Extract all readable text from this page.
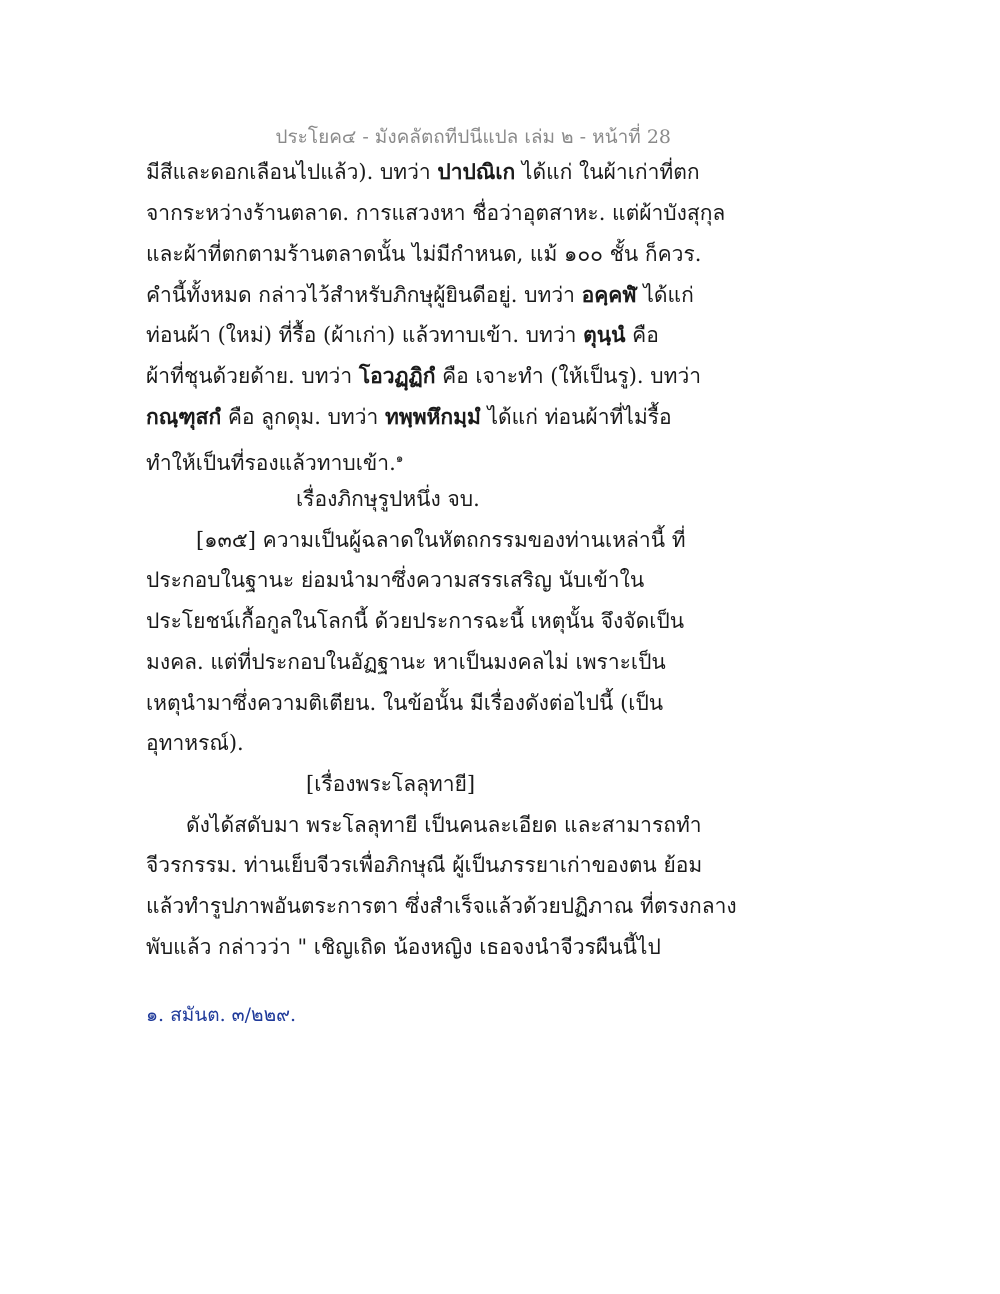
ประโยค๔ - มังคลัตถทีปนีแปล เล่ม ๒ - หน้าที่ 28
มีสีและดอกเลือนไปแล้ว). บทว่า ปาปณิเก ได้แก่ ในผ้าเก่าที่ตก
จากระหว่างร้านตลาด. การแสวงหา ชื่อว่าอุตสาหะ. แต่ผ้าบังสุกุล
และผ้าที่ตกตามร้านตลาดนั้น ไม่มีกำหนด, แม้ ๑๐๐ ชั้น ก็ควร.
คำนี้ทั้งหมด กล่าวไว้สำหรับภิกษุผู้ยินดีอยู่. บทว่า อคฺคฬํ ได้แก่
ท่อนผ้า (ใหม่) ที่รื้อ (ผ้าเก่า) แล้วทาบเข้า. บทว่า ตุนฺนํ คือ
ผ้าที่ชุนด้วยด้าย. บทว่า โอวฏฺฏิกํ คือ เจาะทำ (ให้เป็นรู). บทว่า
กณฺฑุสกํ คือ ลูกดุม. บทว่า ทพฺพหึกมฺมํ ได้แก่ ท่อนผ้าที่ไม่รื้อ
ทำให้เป็นที่รองแล้วทาบเข้า.$^๑$
เรื่องภิกษุรูปหนึ่ง จบ.
[๑๓๕] ความเป็นผู้ฉลาดในหัตถกรรมของท่านเหล่านี้ ที่
ประกอบในฐานะ ย่อมนำมาซึ่งความสรรเสริญ นับเข้าใน
ประโยชน์เกื้อกูลในโลกนี้ ด้วยประการฉะนี้ เหตุนั้น จึงจัดเป็น
มงคล. แต่ที่ประกอบในอัฏฐานะ หาเป็นมงคลไม่ เพราะเป็น
เหตุนำมาซึ่งความติเตียน. ในข้อนั้น มีเรื่องดังต่อไปนี้ (เป็น
อุทาหรณ์).
[เรื่องพระโลลุทายี]
ดังได้สดับมา พระโลลุทายี เป็นคนละเอียด และสามารถทำ
จีวรกรรม. ท่านเย็บจีวรเพื่อภิกษุณี ผู้เป็นภรรยาเก่าของตน ย้อม
แล้วทำรูปภาพอันตระการตา ซึ่งสำเร็จแล้วด้วยปฏิภาณ ที่ตรงกลาง
พับแล้ว กล่าวว่า " เชิญเถิด น้องหญิง เธอจงนำจีวรผืนนี้ไป
๑. สมันต. ๓/๒๒๙.
